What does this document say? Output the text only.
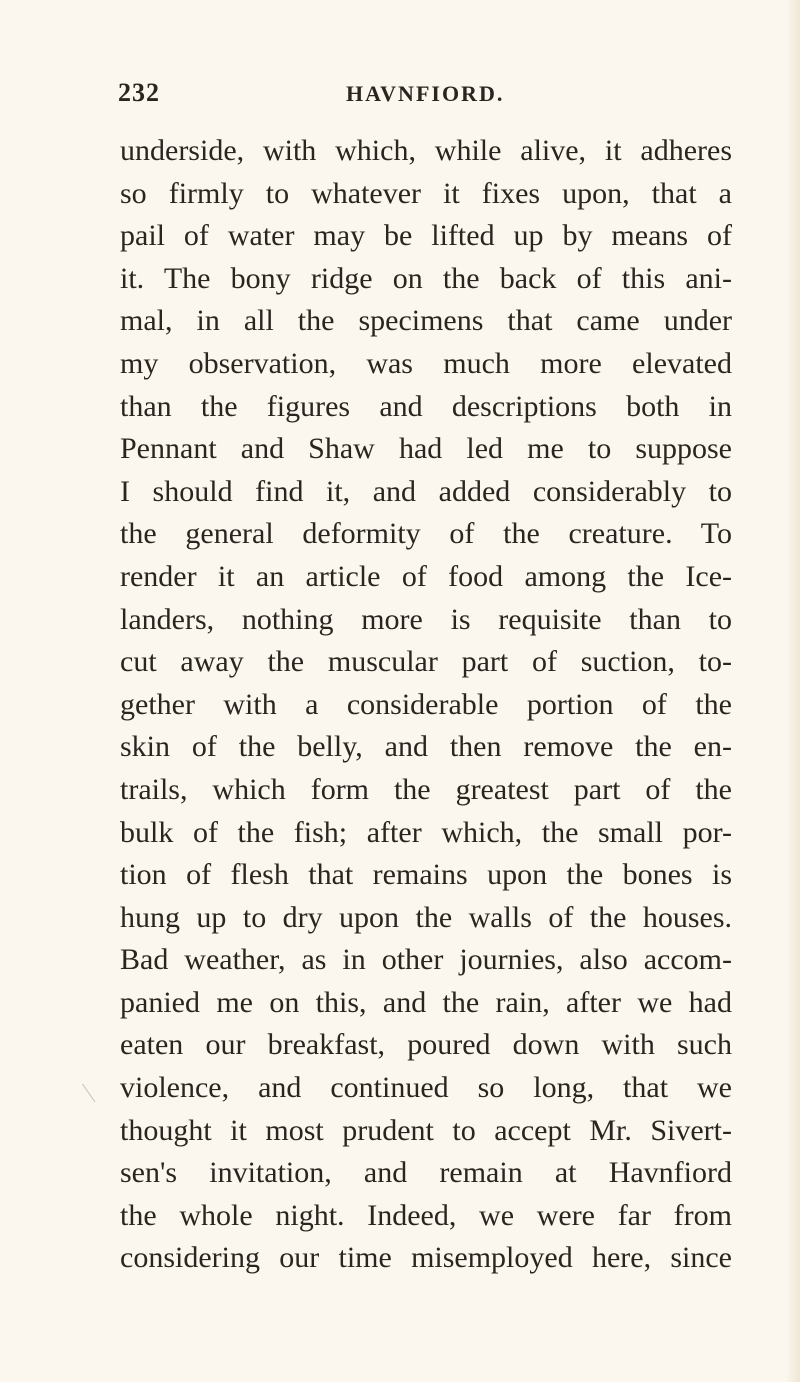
232	HAVNFIORD.
underside, with which, while alive, it adheres
so firmly to whatever it fixes upon, that a
pail of water may be lifted up by means of
it. The bony ridge on the back of this ani-
mal, in all the specimens that came under
my observation, was much more elevated
than the figures and descriptions both in
Pennant and Shaw had led me to suppose
I should find it, and added considerably to
the general deformity of the creature. To
render it an article of food among the Ice-
landers, nothing more is requisite than to
cut away the muscular part of suction, to-
gether with a considerable portion of the
skin of the belly, and then remove the en-
trails, which form the greatest part of the
bulk of the fish; after which, the small por-
tion of flesh that remains upon the bones is
hung up to dry upon the walls of the houses.
Bad weather, as in other journies, also accom-
panied me on this, and the rain, after we had
eaten our breakfast, poured down with such
violence, and continued so long, that we
thought it most prudent to accept Mr. Sivert-
sen's invitation, and remain at Havnfiord
the whole night. Indeed, we were far from
considering our time misemployed here, since
